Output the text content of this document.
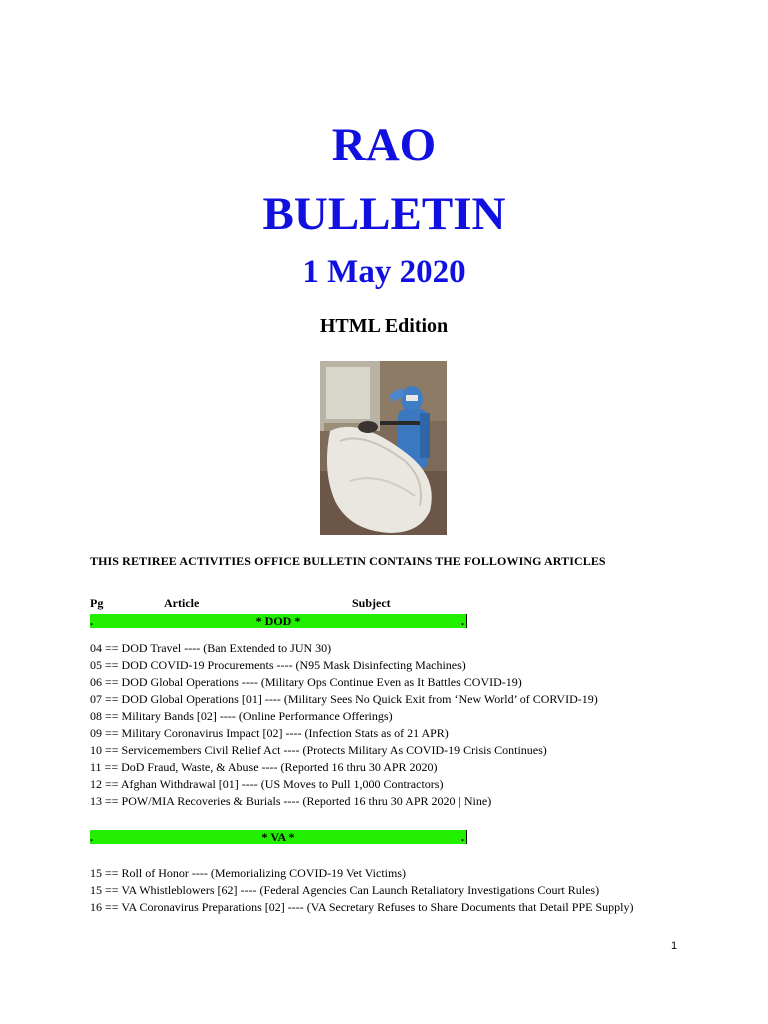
RAO
BULLETIN
1 May 2020
HTML Edition
THIS RETIREE ACTIVITIES OFFICE BULLETIN CONTAINS THE FOLLOWING ARTICLES
Pg	Article	Subject
.	* DOD *	.
04 == DOD Travel ---- (Ban Extended to JUN 30)
05 == DOD COVID-19 Procurements ---- (N95 Mask Disinfecting Machines)
06 == DOD Global Operations ---- (Military Ops Continue Even as It Battles COVID-19)
07 == DOD Global Operations [01] ---- (Military Sees No Quick Exit from ‘New World’ of CORVID-19)
08 == Military Bands [02] ---- (Online Performance Offerings)
09 == Military Coronavirus Impact [02] ---- (Infection Stats as of 21 APR)
10 == Servicemembers Civil Relief Act ---- (Protects Military As COVID-19 Crisis Continues)
11 == DoD Fraud, Waste, & Abuse ---- (Reported 16 thru 30 APR 2020)
12 == Afghan Withdrawal [01] ---- (US Moves to Pull 1,000 Contractors)
13 == POW/MIA Recoveries & Burials ---- (Reported 16 thru 30 APR 2020 | Nine)
.	* VA *	.
15 == Roll of Honor ---- (Memorializing COVID-19 Vet Victims)
15 == VA Whistleblowers [62] ---- (Federal Agencies Can Launch Retaliatory Investigations Court Rules)
16 == VA Coronavirus Preparations [02] ---- (VA Secretary Refuses to Share Documents that Detail PPE Supply)
1
